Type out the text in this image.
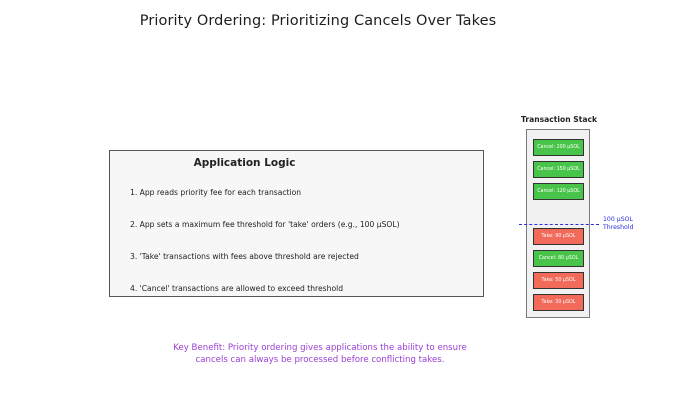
Priority Ordering: Prioritizing Cancels Over Takes
Application Logic
1. App reads priority fee for each transaction
2. App sets a maximum fee threshold for 'take' orders (e.g., 100 μSOL)
3. 'Take' transactions with fees above threshold are rejected
4. 'Cancel' transactions are allowed to exceed threshold
Transaction Stack
Cancel: 200 μSOL
Cancel: 150 μSOL
Cancel: 120 μSOL
Take: 90 μSOL
Cancel: 80 μSOL
Take: 50 μSOL
Take: 30 μSOL
100 μSOL
Threshold
Key Benefit: Priority ordering gives applications the ability to ensure
cancels can always be processed before conflicting takes.
